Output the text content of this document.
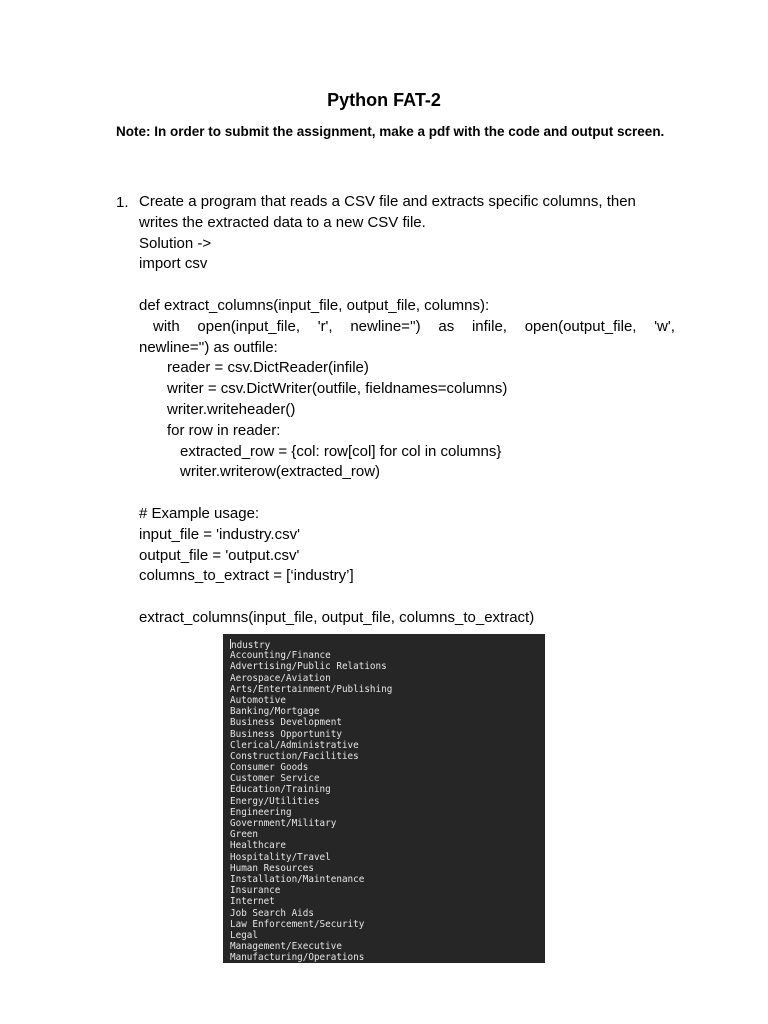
Python FAT-2
Note: In order to submit the assignment, make a pdf with the code and output screen.
1. Create a program that reads a CSV file and extracts specific columns, then
writes the extracted data to a new CSV file.
Solution ->
import csv
def extract_columns(input_file, output_file, columns):
with open(input_file, 'r', newline='') as infile, open(output_file, 'w',
newline='') as outfile:
reader = csv.DictReader(infile)
writer = csv.DictWriter(outfile, fieldnames=columns)
writer.writeheader()
for row in reader:
extracted_row = {col: row[col] for col in columns}
writer.writerow(extracted_row)
# Example usage:
input_file = 'industry.csv'
output_file = 'output.csv'
columns_to_extract = [‘industry’]
extract_columns(input_file, output_file, columns_to_extract)
ndustry
Accounting/Finance
Advertising/Public Relations
Aerospace/Aviation
Arts/Entertainment/Publishing
Automotive
Banking/Mortgage
Business Development
Business Opportunity
Clerical/Administrative
Construction/Facilities
Consumer Goods
Customer Service
Education/Training
Energy/Utilities
Engineering
Government/Military
Green
Healthcare
Hospitality/Travel
Human Resources
Installation/Maintenance
Insurance
Internet
Job Search Aids
Law Enforcement/Security
Legal
Management/Executive
Manufacturing/Operations
